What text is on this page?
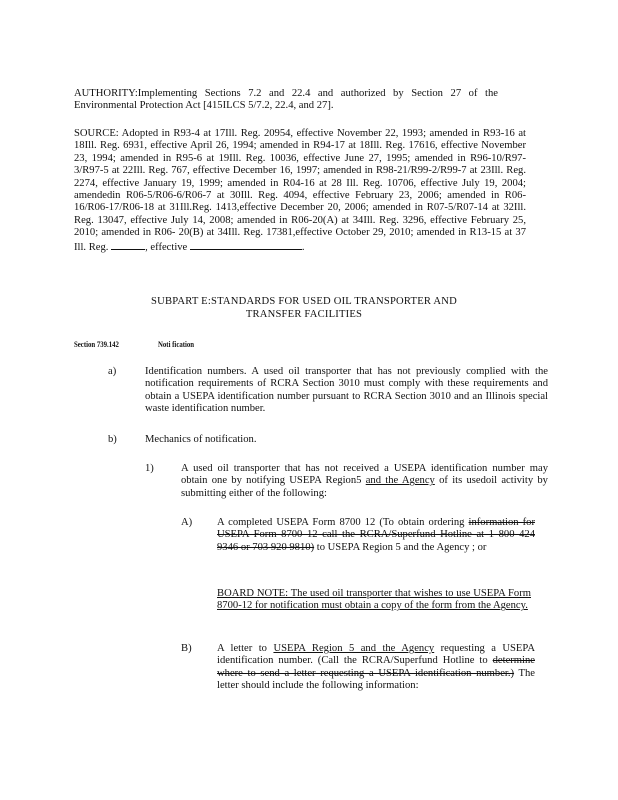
AUTHORITY:Implementing Sections 7.2 and 22.4 and authorized by Section 27 of the Environmental Protection Act [415ILCS 5/7.2, 22.4, and 27].
SOURCE: Adopted in R93-4 at 17Ill. Reg. 20954, effective November 22, 1993; amended in R93-16 at 18Ill. Reg. 6931, effective April 26, 1994; amended in R94-17 at 18Ill. Reg. 17616, effective November 23, 1994; amended in R95-6 at 19Ill. Reg. 10036, effective June 27, 1995; amended in R96-10/R97-3/R97-5 at 22Ill. Reg. 767, effective December 16, 1997; amended in R98-21/R99-2/R99-7 at 23Ill. Reg. 2274, effective January 19, 1999; amended in R04-16 at 28 Ill. Reg. 10706, effective July 19, 2004; amendedin R06-5/R06-6/R06-7 at 30Ill. Reg. 4094, effective February 23, 2006; amended in R06-16/R06-17/R06-18 at 31Ill.Reg. 1413,effective December 20, 2006; amended in R07-5/R07-14 at 32Ill. Reg. 13047, effective July 14, 2008; amended in R06-20(A) at 34Ill. Reg. 3296, effective February 25, 2010; amended in R06- 20(B) at 34Ill. Reg. 17381,effective October 29, 2010; amended in R13-15 at 37 Ill. Reg.	, effective	.
SUBPART E:STANDARDS FOR USED OIL TRANSPORTER AND
TRANSFER FACILITIES
Section 739.142	Noti fication
a)	Identification numbers. A used oil transporter that has not previously complied with the notification requirements of RCRA Section 3010 must comply with these requirements and obtain a USEPA identification number pursuant to RCRA Section 3010 and an Illinois special waste identification number.
b)	Mechanics of notification.
1)	A used oil transporter that has not received a USEPA identification number may obtain one by notifying USEPA Region5 and the Agency of its usedoil activity by submitting either of the following:
A) A completed USEPA Form 8700 12 (To obtain ordering information for USEPA Form 8700 12 call the RCRA/Superfund Hotline at 1 800 424 9346 or 703 920 9810) to USEPA Region 5 and the Agency ; or
BOARD NOTE: The used oil transporter that wishes to use USEPA Form 8700-12 for notification must obtain a copy of the form from the Agency.
B) A letter to USEPA Region 5 and the Agency requesting a USEPA identification number. (Call the RCRA/Superfund Hotline to determine where to send a letter requesting a USEPA identification number.) The letter should include the following information:
